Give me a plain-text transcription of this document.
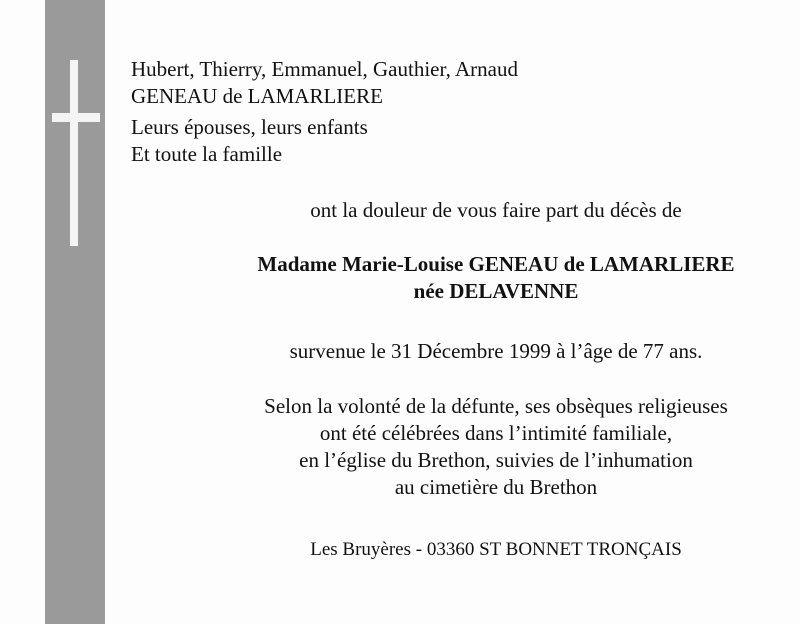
Hubert, Thierry, Emmanuel, Gauthier, Arnaud
GENEAU de LAMARLIERE
Leurs épouses, leurs enfants
Et toute la famille
ont la douleur de vous faire part du décès de
Madame Marie-Louise GENEAU de LAMARLIERE
née DELAVENNE
survenue le 31 Décembre 1999 à l’âge de 77 ans.
Selon la volonté de la défunte, ses obsèques religieuses
ont été célébrées dans l’intimité familiale,
en l’église du Brethon, suivies de l’inhumation
au cimetière du Brethon
Les Bruyères - 03360 ST BONNET TRONÇAIS
